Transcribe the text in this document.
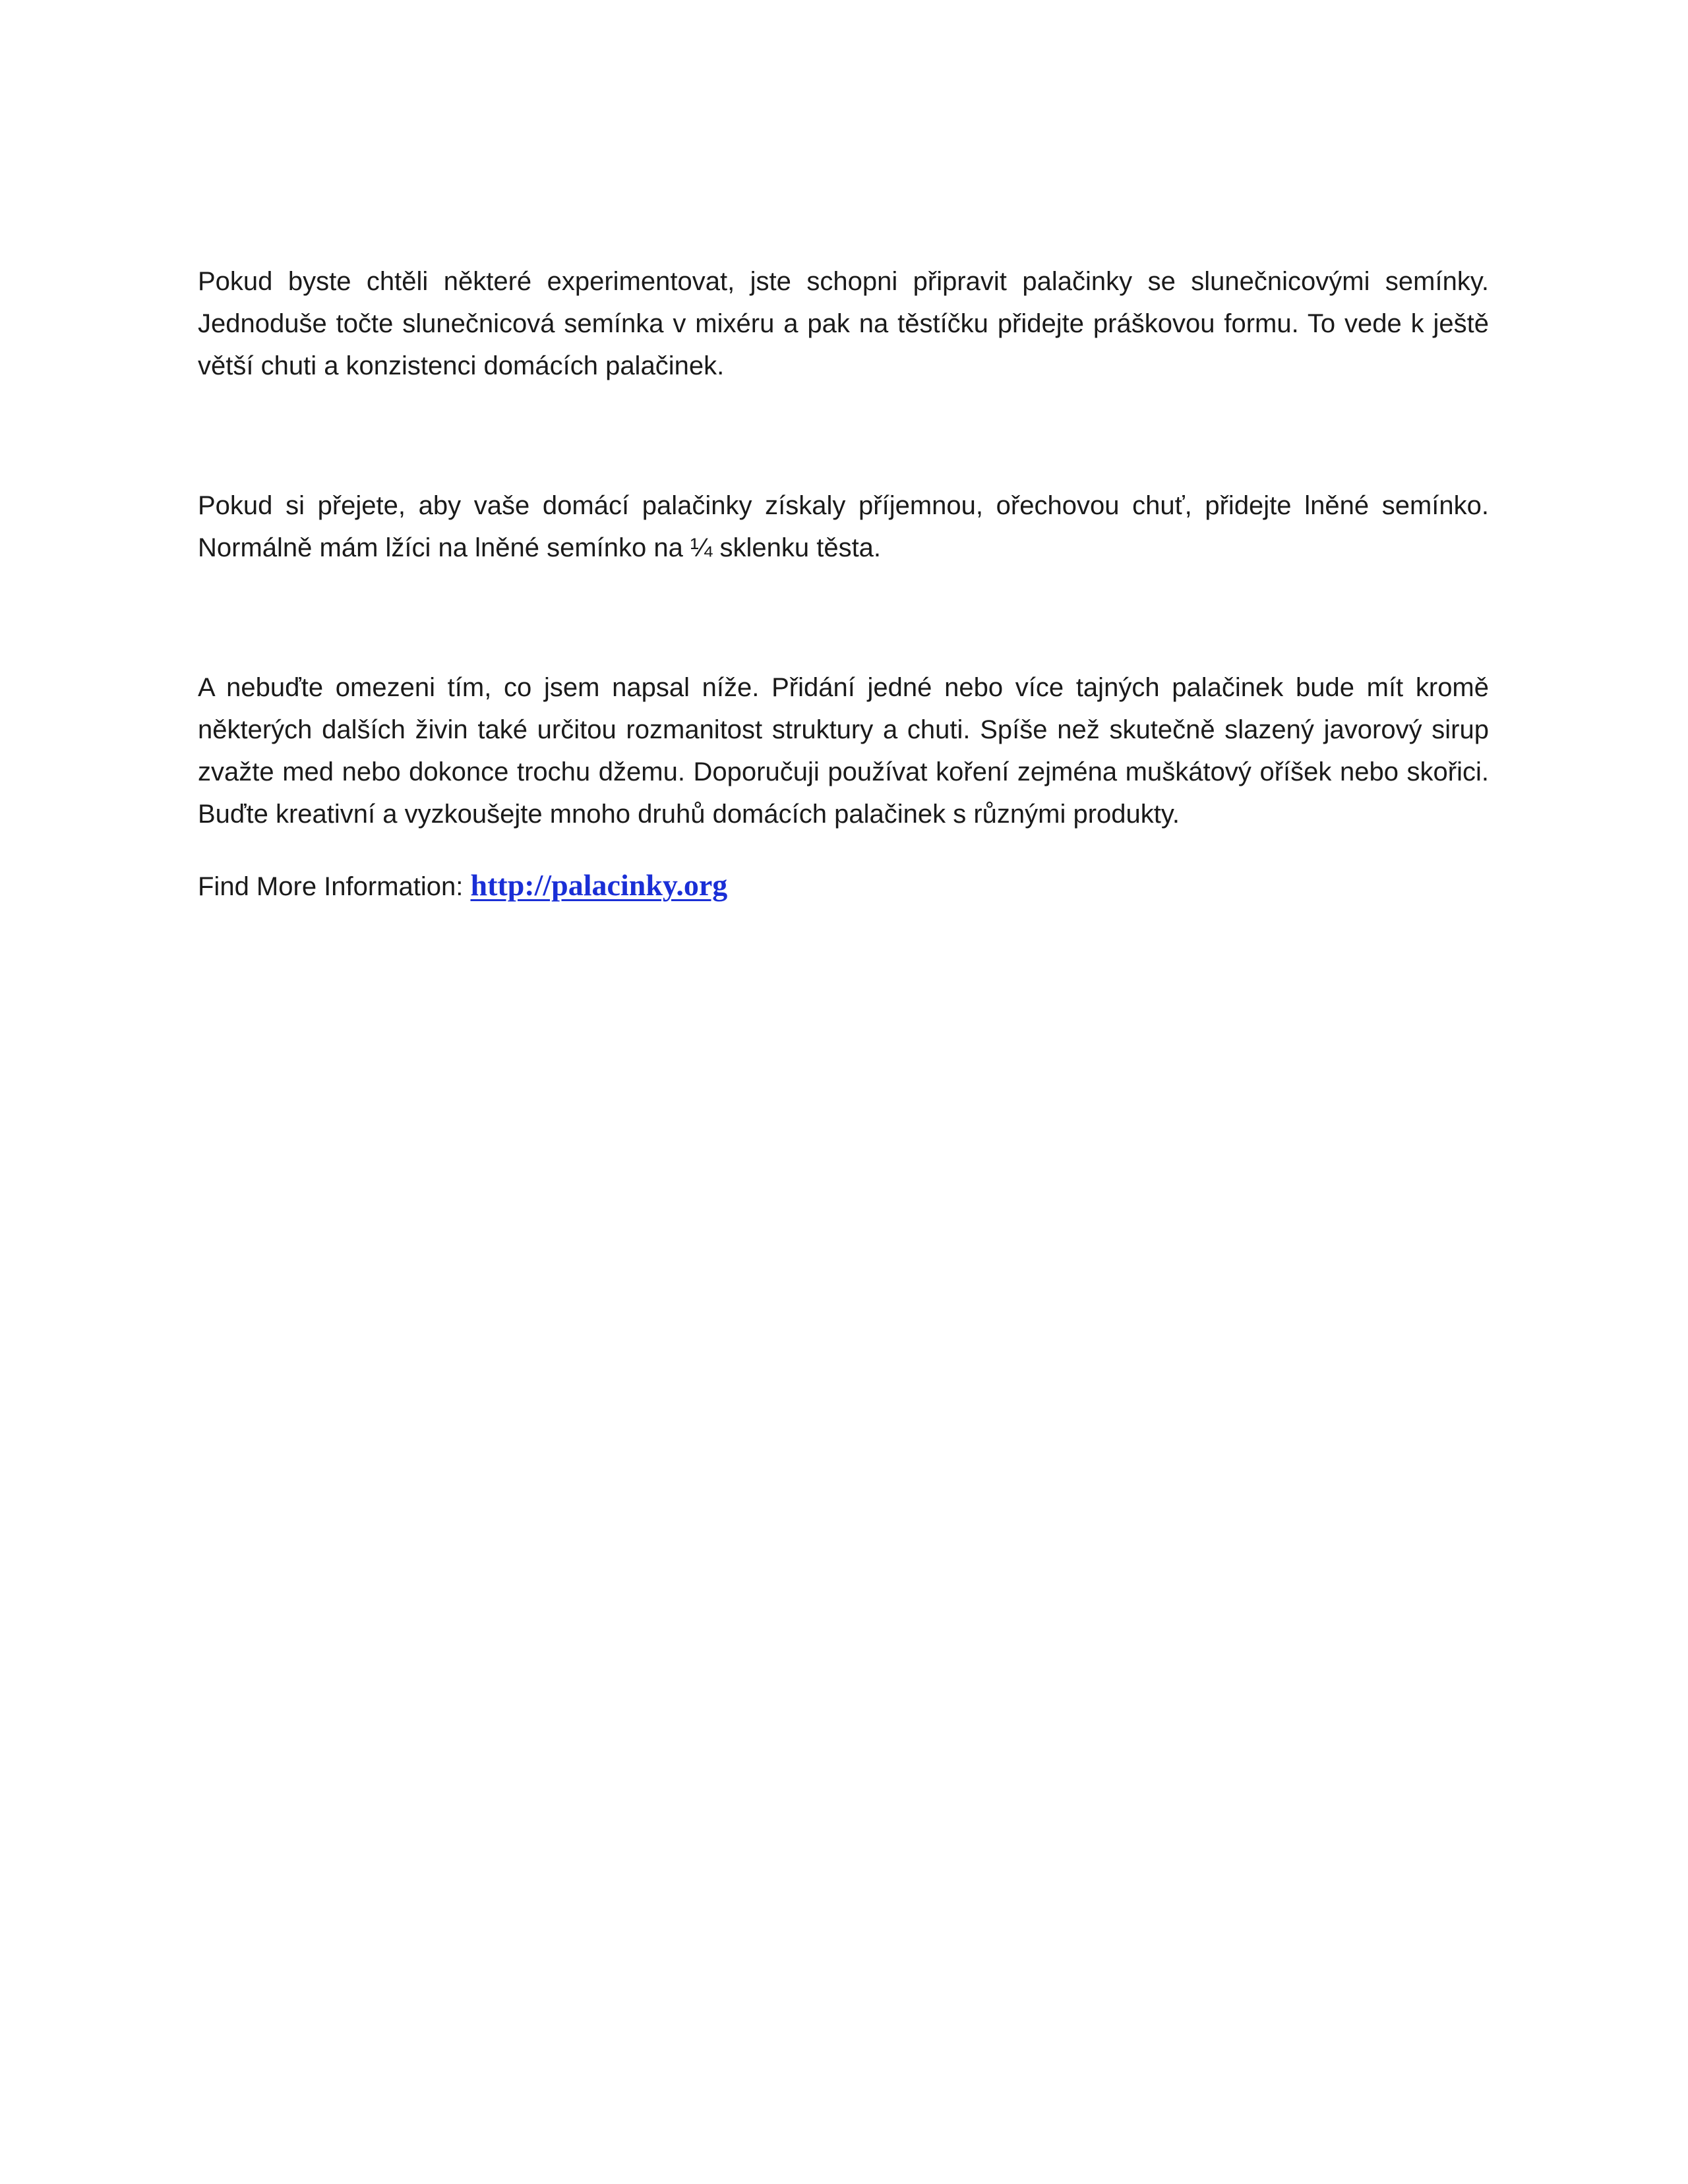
Pokud byste chtěli některé experimentovat, jste schopni připravit palačinky se slunečnicovými semínky. Jednoduše točte slunečnicová semínka v mixéru a pak na těstíčku přidejte práškovou formu. To vede k ještě větší chuti a konzistenci domácích palačinek.

Pokud si přejete, aby vaše domácí palačinky získaly příjemnou, ořechovou chuť, přidejte lněné semínko. Normálně mám lžíci na lněné semínko na ¼ sklenku těsta.

A nebuďte omezeni tím, co jsem napsal níže. Přidání jedné nebo více tajných palačinek bude mít kromě některých dalších živin také určitou rozmanitost struktury a chuti. Spíše než skutečně slazený javorový sirup zvažte med nebo dokonce trochu džemu. Doporučuji používat koření zejména muškátový oříšek nebo skořici. Buďte kreativní a vyzkoušejte mnoho druhů domácích palačinek s různými produkty.

Find More Information: http://palacinky.org
